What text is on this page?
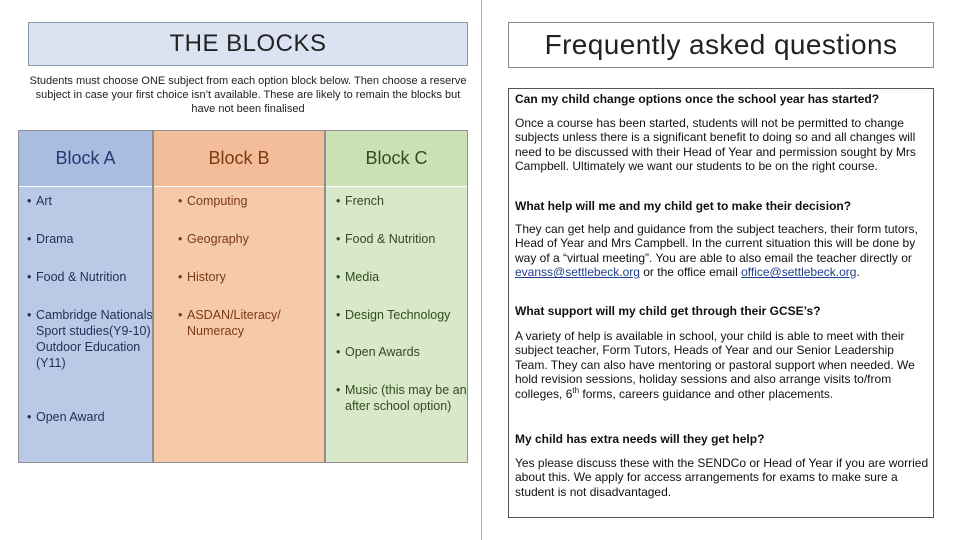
THE BLOCKS
Students must choose ONE subject from each option block below. Then choose a reserve subject in case your first choice isn’t available. These are likely to remain the blocks but have not been finalised
Block A
• Art
• Drama
• Food & Nutrition
• Cambridge Nationals Sport studies(Y9-10) Outdoor Education (Y11)
• Open Award
Block B
• Computing
• Geography
• History
• ASDAN/Literacy/ Numeracy
Block C
• French
• Food & Nutrition
• Media
• Design Technology
• Open Awards
• Music (this may be an after school option)
Frequently asked questions
Can my child change options once the school year has started?
Once a course has been started, students will not be permitted to change subjects unless there is a significant benefit to doing so and all changes will need to be discussed with their Head of Year and permission sought by Mrs Campbell. Ultimately we want our students to be on the right course.
What help will me and my child get to make their decision?
They can get help and guidance from the subject teachers, their form tutors, Head of Year and Mrs Campbell. In the current situation this will be done by way of a “virtual meeting”. You are able to also email the teacher directly or evanss@settlebeck.org or the office email office@settlebeck.org.
What support will my child get through their GCSE’s?
A variety of help is available in school, your child is able to meet with their subject teacher, Form Tutors, Heads of Year and our Senior Leadership Team. They can also have mentoring or pastoral support when needed. We hold revision sessions, holiday sessions and also arrange visits to/from colleges, 6th forms, careers guidance and other placements.
My child has extra needs will they get help?
Yes please discuss these with the SENDCo or Head of Year if you are worried about this. We apply for access arrangements for exams to make sure a student is not disadvantaged.
